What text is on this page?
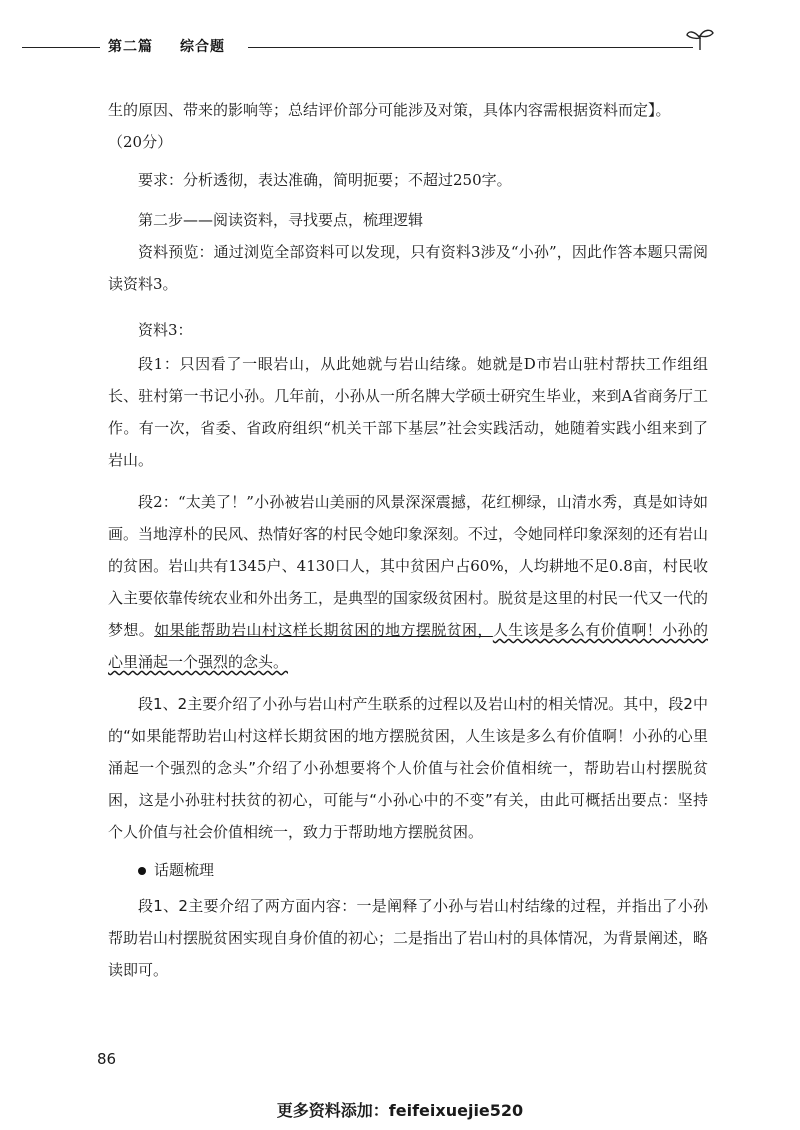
第二篇 综合题

生的原因、带来的影响等；总结评价部分可能涉及对策，具体内容需根据资料而定】。

（20分）

要求：分析透彻，表达准确，简明扼要；不超过250字。

第二步——阅读资料，寻找要点，梳理逻辑

资料预览：通过浏览全部资料可以发现，只有资料3涉及“小孙”，因此作答本题只需阅读资料3。

资料3：

段1：只因看了一眼岩山，从此她就与岩山结缘。她就是D市岩山驻村帮扶工作组组长、驻村第一书记小孙。几年前，小孙从一所名牌大学硕士研究生毕业，来到A省商务厅工作。有一次，省委、省政府组织“机关干部下基层”社会实践活动，她随着实践小组来到了岩山。

段2：“太美了！”小孙被岩山美丽的风景深深震撼，花红柳绿，山清水秀，真是如诗如画。当地淳朴的民风、热情好客的村民令她印象深刻。不过，令她同样印象深刻的还有岩山的贫困。岩山共有1345户、4130口人，其中贫困户占60%，人均耕地不足0.8亩，村民收入主要依靠传统农业和外出务工，是典型的国家级贫困村。脱贫是这里的村民一代又一代的梦想。如果能帮助岩山村这样长期贫困的地方摆脱贫困，人生该是多么有价值啊！小孙的心里涌起一个强烈的念头。

段1、2主要介绍了小孙与岩山村产生联系的过程以及岩山村的相关情况。其中，段2中的“如果能帮助岩山村这样长期贫困的地方摆脱贫困，人生该是多么有价值啊！小孙的心里涌起一个强烈的念头”介绍了小孙想要将个人价值与社会价值相统一，帮助岩山村摆脱贫困，这是小孙驻村扶贫的初心，可能与“小孙心中的不变”有关，由此可概括出要点：坚持个人价值与社会价值相统一，致力于帮助地方摆脱贫困。

话题梳理

段1、2主要介绍了两方面内容：一是阐释了小孙与岩山村结缘的过程，并指出了小孙帮助岩山村摆脱贫困实现自身价值的初心；二是指出了岩山村的具体情况，为背景阐述，略读即可。

86
更多资料添加：feifeixuejie520
